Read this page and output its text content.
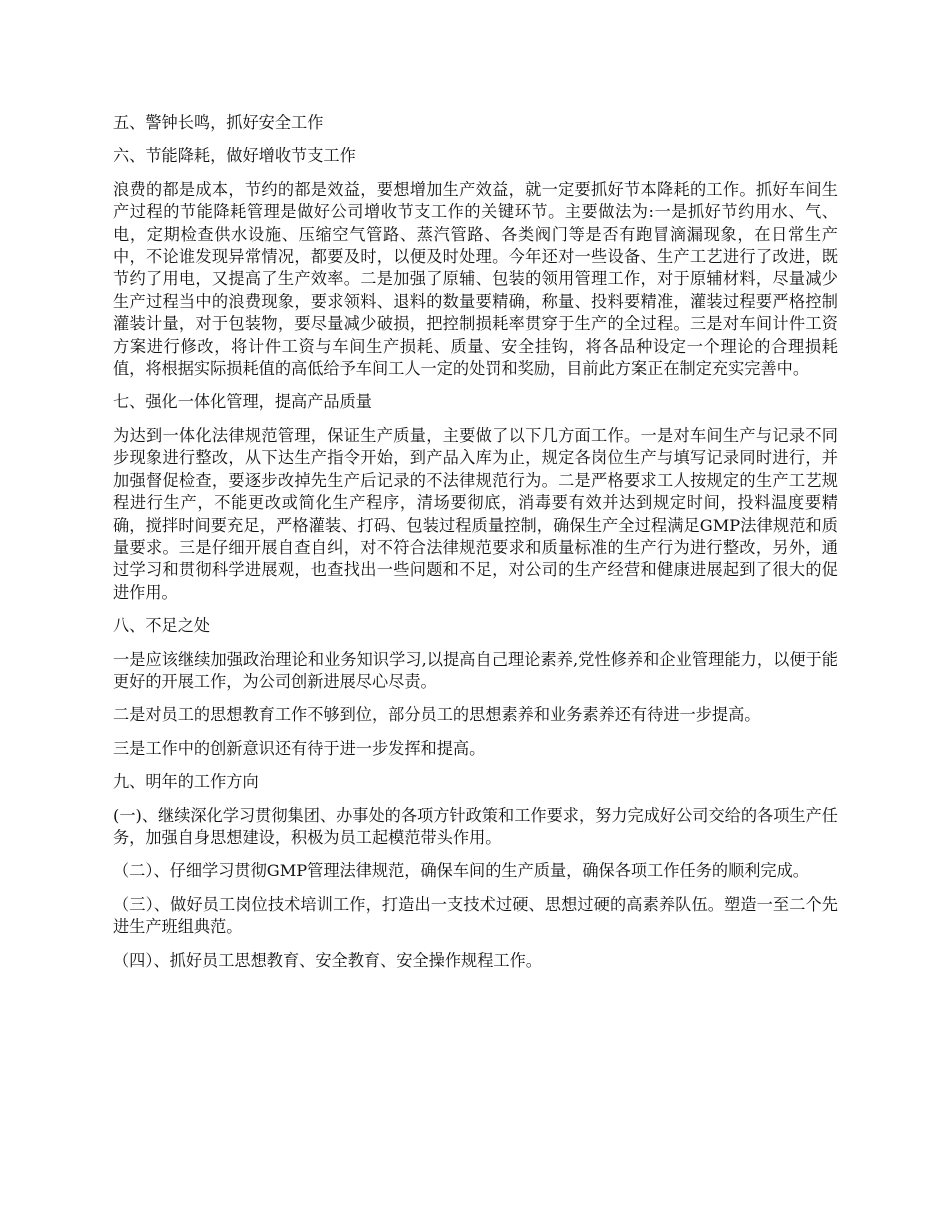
五、警钟长鸣，抓好安全工作

六、节能降耗，做好增收节支工作

浪费的都是成本，节约的都是效益，要想增加生产效益，就一定要抓好节本降耗的工作。抓好车间生产过程的节能降耗管理是做好公司增收节支工作的关键环节。主要做法为:一是抓好节约用水、气、电，定期检查供水设施、压缩空气管路、蒸汽管路、各类阀门等是否有跑冒滴漏现象，在日常生产中，不论谁发现异常情况，都要及时，以便及时处理。今年还对一些设备、生产工艺进行了改进，既节约了用电，又提高了生产效率。二是加强了原辅、包装的领用管理工作，对于原辅材料，尽量减少生产过程当中的浪费现象，要求领料、退料的数量要精确，称量、投料要精准，灌装过程要严格控制灌装计量，对于包装物，要尽量减少破损，把控制损耗率贯穿于生产的全过程。三是对车间计件工资方案进行修改，将计件工资与车间生产损耗、质量、安全挂钩，将各品种设定一个理论的合理损耗值，将根据实际损耗值的高低给予车间工人一定的处罚和奖励，目前此方案正在制定充实完善中。

七、强化一体化管理，提高产品质量

为达到一体化法律规范管理，保证生产质量，主要做了以下几方面工作。一是对车间生产与记录不同步现象进行整改，从下达生产指令开始，到产品入库为止，规定各岗位生产与填写记录同时进行，并加强督促检查，要逐步改掉先生产后记录的不法律规范行为。二是严格要求工人按规定的生产工艺规程进行生产，不能更改或简化生产程序，清场要彻底，消毒要有效并达到规定时间，投料温度要精确，搅拌时间要充足，严格灌装、打码、包装过程质量控制，确保生产全过程满足GMP法律规范和质量要求。三是仔细开展自查自纠，对不符合法律规范要求和质量标准的生产行为进行整改，另外，通过学习和贯彻科学进展观，也查找出一些问题和不足，对公司的生产经营和健康进展起到了很大的促进作用。

八、不足之处

一是应该继续加强政治理论和业务知识学习,以提高自己理论素养,党性修养和企业管理能力，以便于能更好的开展工作，为公司创新进展尽心尽责。

二是对员工的思想教育工作不够到位，部分员工的思想素养和业务素养还有待进一步提高。

三是工作中的创新意识还有待于进一步发挥和提高。

九、明年的工作方向

(一)、继续深化学习贯彻集团、办事处的各项方针政策和工作要求，努力完成好公司交给的各项生产任务，加强自身思想建设，积极为员工起模范带头作用。

（二）、仔细学习贯彻GMP管理法律规范，确保车间的生产质量，确保各项工作任务的顺利完成。

（三）、做好员工岗位技术培训工作，打造出一支技术过硬、思想过硬的高素养队伍。塑造一至二个先进生产班组典范。

（四）、抓好员工思想教育、安全教育、安全操作规程工作。
